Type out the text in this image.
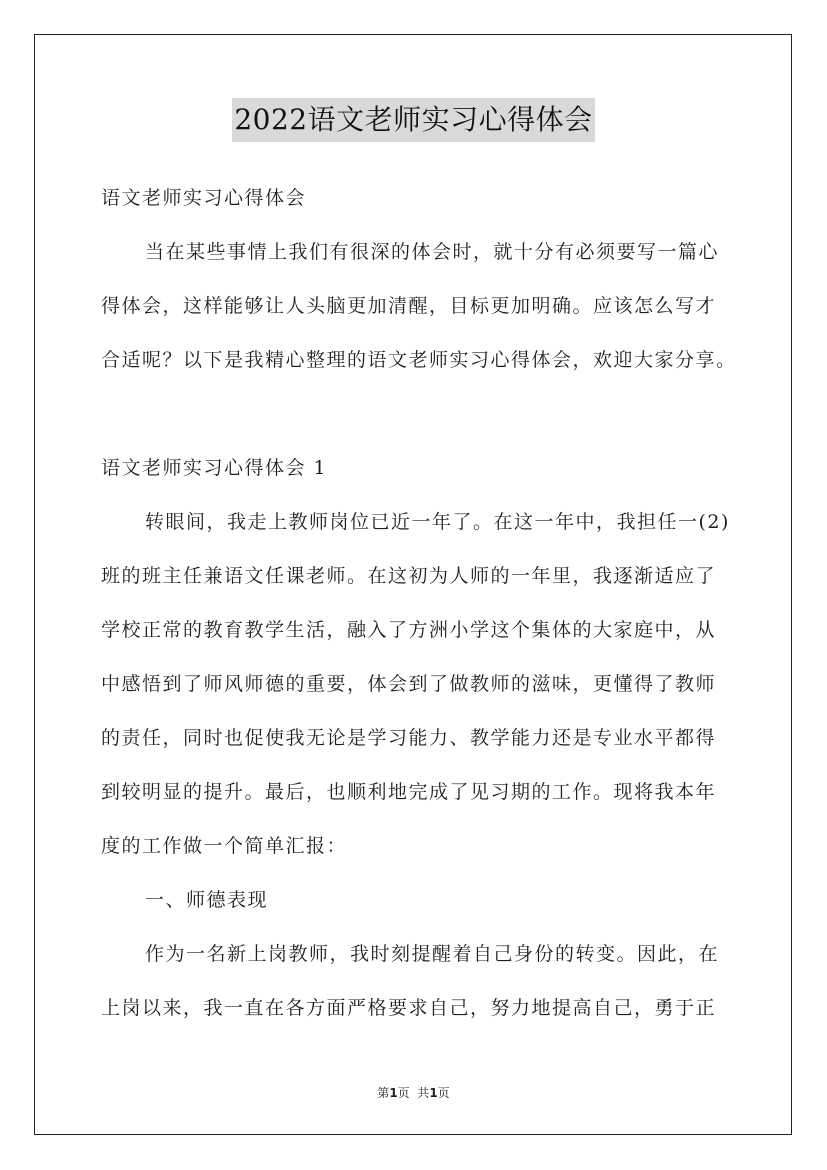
2022语文老师实习心得体会
语文老师实习心得体会
当在某些事情上我们有很深的体会时，就十分有必须要写一篇心
得体会，这样能够让人头脑更加清醒，目标更加明确。应该怎么写才
合适呢？以下是我精心整理的语文老师实习心得体会，欢迎大家分享。
语文老师实习心得体会 1
转眼间，我走上教师岗位已近一年了。在这一年中，我担任一(2)
班的班主任兼语文任课老师。在这初为人师的一年里，我逐渐适应了
学校正常的教育教学生活，融入了方洲小学这个集体的大家庭中，从
中感悟到了师风师德的重要，体会到了做教师的滋味，更懂得了教师
的责任，同时也促使我无论是学习能力、教学能力还是专业水平都得
到较明显的提升。最后，也顺利地完成了见习期的工作。现将我本年
度的工作做一个简单汇报：
一、师德表现
作为一名新上岗教师，我时刻提醒着自己身份的转变。因此，在
上岗以来，我一直在各方面严格要求自己，努力地提高自己，勇于正
第1页  共1页
